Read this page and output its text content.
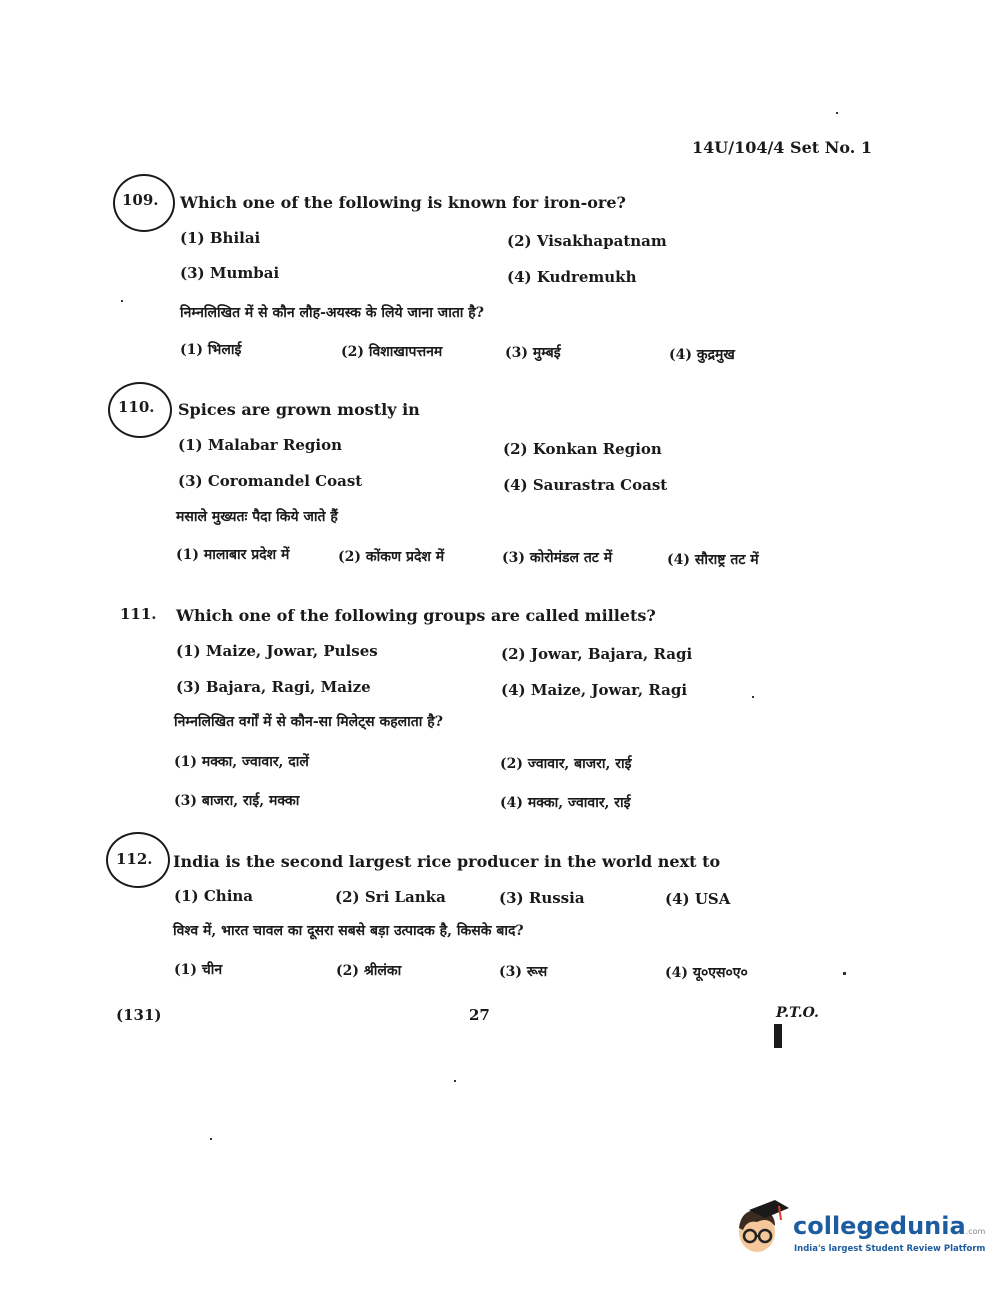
14U/104/4 Set No. 1
109. Which one of the following is known for iron-ore?
(1) Bhilai	(2) Visakhapatnam
(3) Mumbai	(4) Kudremukh
निम्नलिखित में से कौन लौह-अयस्क के लिये जाना जाता है?
(1) भिलाई	(2) विशाखापत्तनम	(3) मुम्बई	(4) कुद्रमुख
110. Spices are grown mostly in
(1) Malabar Region	(2) Konkan Region
(3) Coromandel Coast	(4) Saurastra Coast
मसाले मुख्यतः पैदा किये जाते हैं
(1) मालाबार प्रदेश में	(2) कोंकण प्रदेश में	(3) कोरोमंडल तट में	(4) सौराष्ट्र तट में
111. Which one of the following groups are called millets?
(1) Maize, Jowar, Pulses	(2) Jowar, Bajara, Ragi
(3) Bajara, Ragi, Maize	(4) Maize, Jowar, Ragi
निम्नलिखित वर्गों में से कौन-सा मिलेट्स कहलाता है?
(1) मक्का, ज्वावार, दालें	(2) ज्वावार, बाजरा, राई
(3) बाजरा, राई, मक्का	(4) मक्का, ज्वावार, राई
112. India is the second largest rice producer in the world next to
(1) China	(2) Sri Lanka	(3) Russia	(4) USA
विश्व में, भारत चावल का दूसरा सबसे बड़ा उत्पादक है, किसके बाद?
(1) चीन	(2) श्रीलंका	(3) रूस	(4) यू०एस०ए०
(131)	27	P.T.O.
collegedunia.com
India's largest Student Review Platform
